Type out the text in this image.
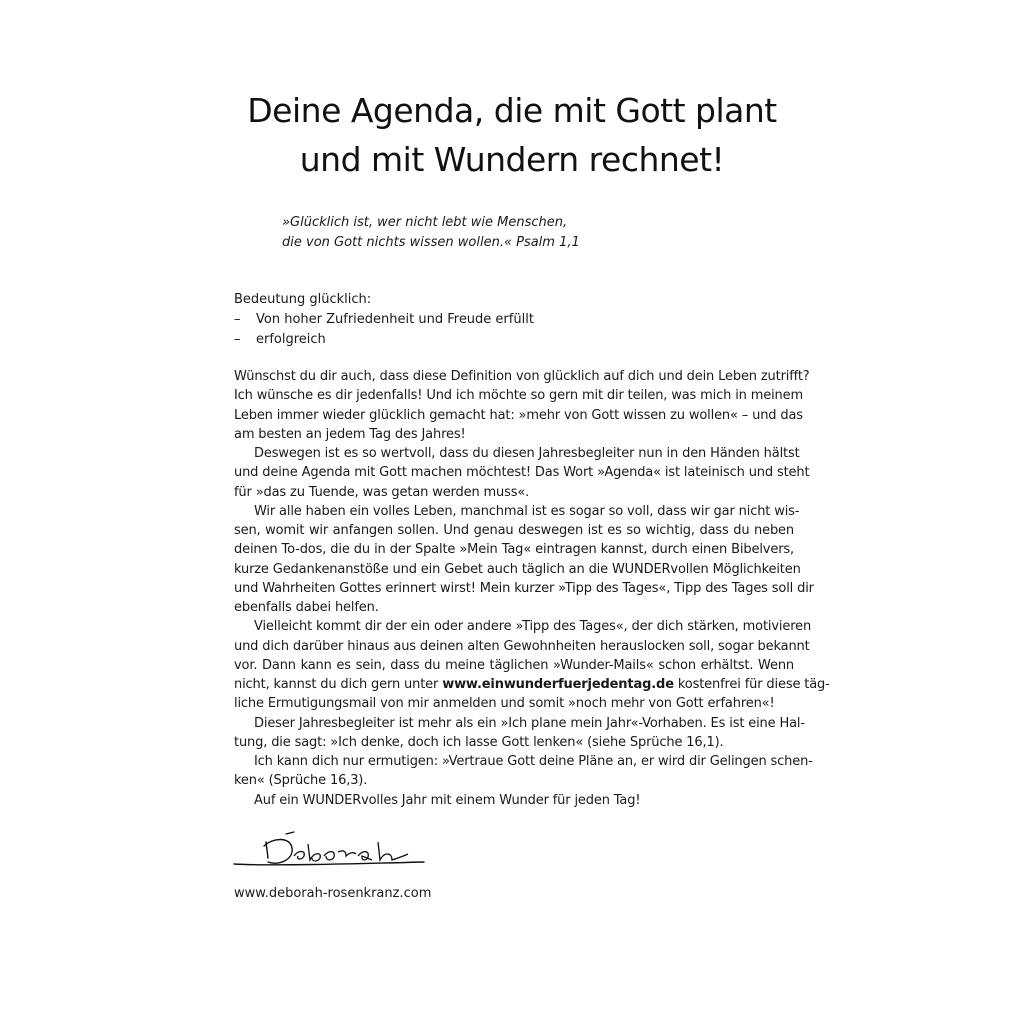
Deine Agenda, die mit Gott plant
und mit Wundern rechnet!
»Glücklich ist, wer nicht lebt wie Menschen,
die von Gott nichts wissen wollen.« Psalm 1,1
Bedeutung glücklich:
–	Von hoher Zufriedenheit und Freude erfüllt
–	erfolgreich
Wünschst du dir auch, dass diese Definition von glücklich auf dich und dein Leben zutrifft?
Ich wünsche es dir jedenfalls! Und ich möchte so gern mit dir teilen, was mich in meinem
Leben immer wieder glücklich gemacht hat: »mehr von Gott wissen zu wollen« – und das
am besten an jedem Tag des Jahres!
Deswegen ist es so wertvoll, dass du diesen Jahresbegleiter nun in den Händen hältst
und deine Agenda mit Gott machen möchtest! Das Wort »Agenda« ist lateinisch und steht
für »das zu Tuende, was getan werden muss«.
Wir alle haben ein volles Leben, manchmal ist es sogar so voll, dass wir gar nicht wis-
sen, womit wir anfangen sollen. Und genau deswegen ist es so wichtig, dass du neben
deinen To-dos, die du in der Spalte »Mein Tag« eintragen kannst, durch einen Bibelvers,
kurze Gedankenanstöße und ein Gebet auch täglich an die WUNDERvollen Möglichkeiten
und Wahrheiten Gottes erinnert wirst! Mein kurzer »Tipp des Tages«, Tipp des Tages soll dir
ebenfalls dabei helfen.
Vielleicht kommt dir der ein oder andere »Tipp des Tages«, der dich stärken, motivieren
und dich darüber hinaus aus deinen alten Gewohnheiten herauslocken soll, sogar bekannt
vor. Dann kann es sein, dass du meine täglichen »Wunder-Mails« schon erhältst. Wenn
nicht, kannst du dich gern unter www.einwunderfuerjedentag.de kostenfrei für diese täg-
liche Ermutigungsmail von mir anmelden und somit »noch mehr von Gott erfahren«!
Dieser Jahresbegleiter ist mehr als ein »Ich plane mein Jahr«-Vorhaben. Es ist eine Hal-
tung, die sagt: »Ich denke, doch ich lasse Gott lenken« (siehe Sprüche 16,1).
Ich kann dich nur ermutigen: »Vertraue Gott deine Pläne an, er wird dir Gelingen schen-
ken« (Sprüche 16,3).
Auf ein WUNDERvolles Jahr mit einem Wunder für jeden Tag!
www.deborah-rosenkranz.com
